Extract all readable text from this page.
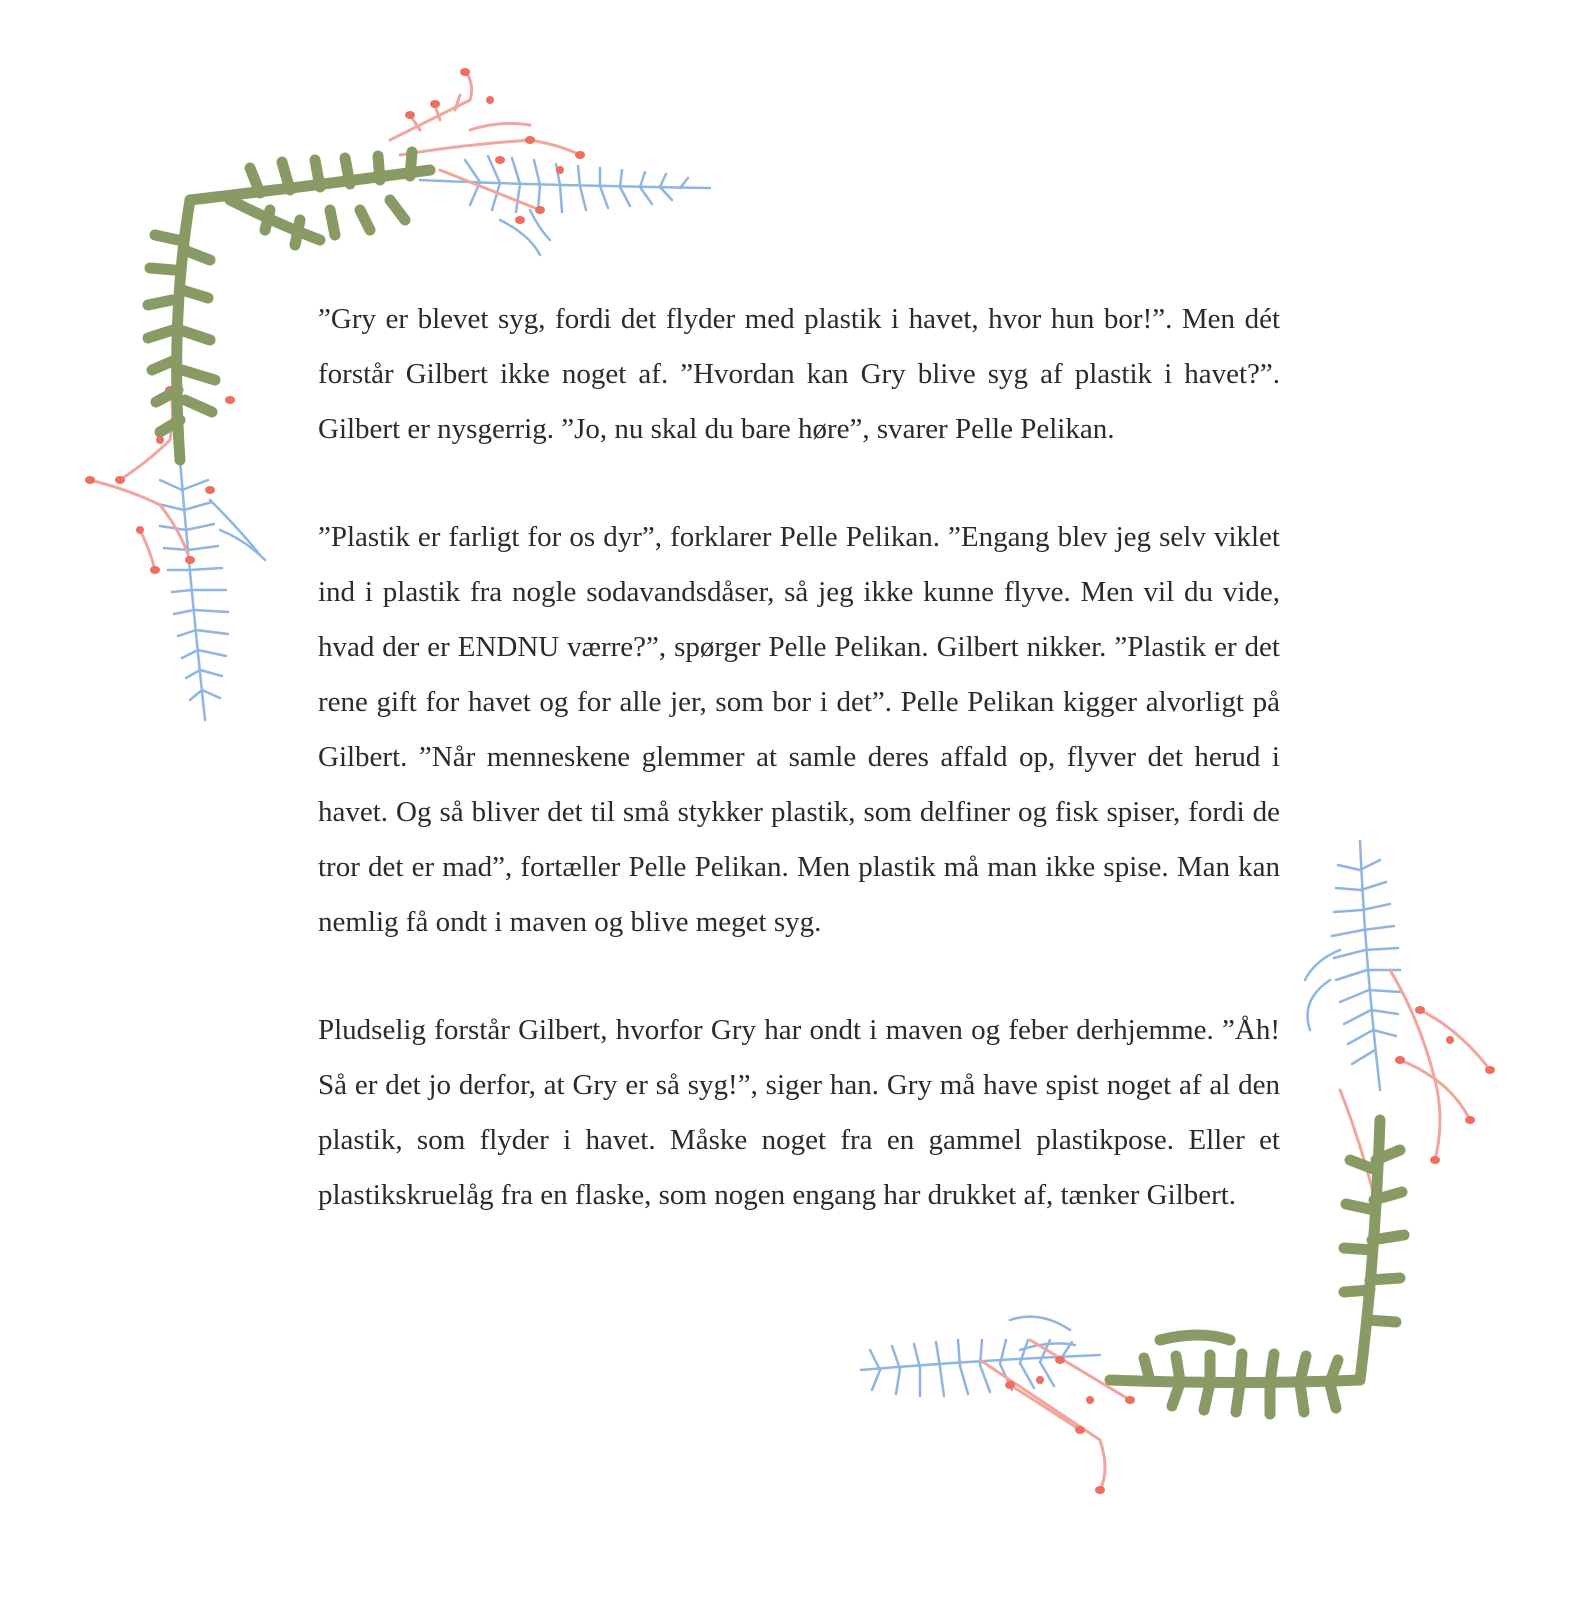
”Gry er blevet syg, fordi det flyder med plastik i havet, hvor hun bor!”. Men dét forstår Gilbert ikke noget af. ”Hvordan kan Gry blive syg af plastik i havet?”. Gilbert er nysgerrig. ”Jo, nu skal du bare høre”, svarer Pelle Pelikan.

”Plastik er farligt for os dyr”, forklarer Pelle Pelikan. ”Engang blev jeg selv viklet ind i plastik fra nogle sodavandsdåser, så jeg ikke kunne flyve. Men vil du vide, hvad der er ENDNU værre?”, spørger Pelle Pelikan. Gilbert nikker. ”Plastik er det rene gift for havet og for alle jer, som bor i det”. Pelle Pelikan kigger alvorligt på Gilbert. ”Når menneskene glemmer at samle deres affald op, flyver det herud i havet. Og så bliver det til små stykker plastik, som delfiner og fisk spiser, fordi de tror det er mad”, fortæller Pelle Pelikan. Men plastik må man ikke spise. Man kan nemlig få ondt i maven og blive meget syg.

Pludselig forstår Gilbert, hvorfor Gry har ondt i maven og feber derhjemme. ”Åh! Så er det jo derfor, at Gry er så syg!”, siger han. Gry må have spist noget af al den plastik, som flyder i havet. Måske noget fra en gammel plastikpose. Eller et plastikskruelåg fra en flaske, som nogen engang har drukket af, tænker Gilbert.
